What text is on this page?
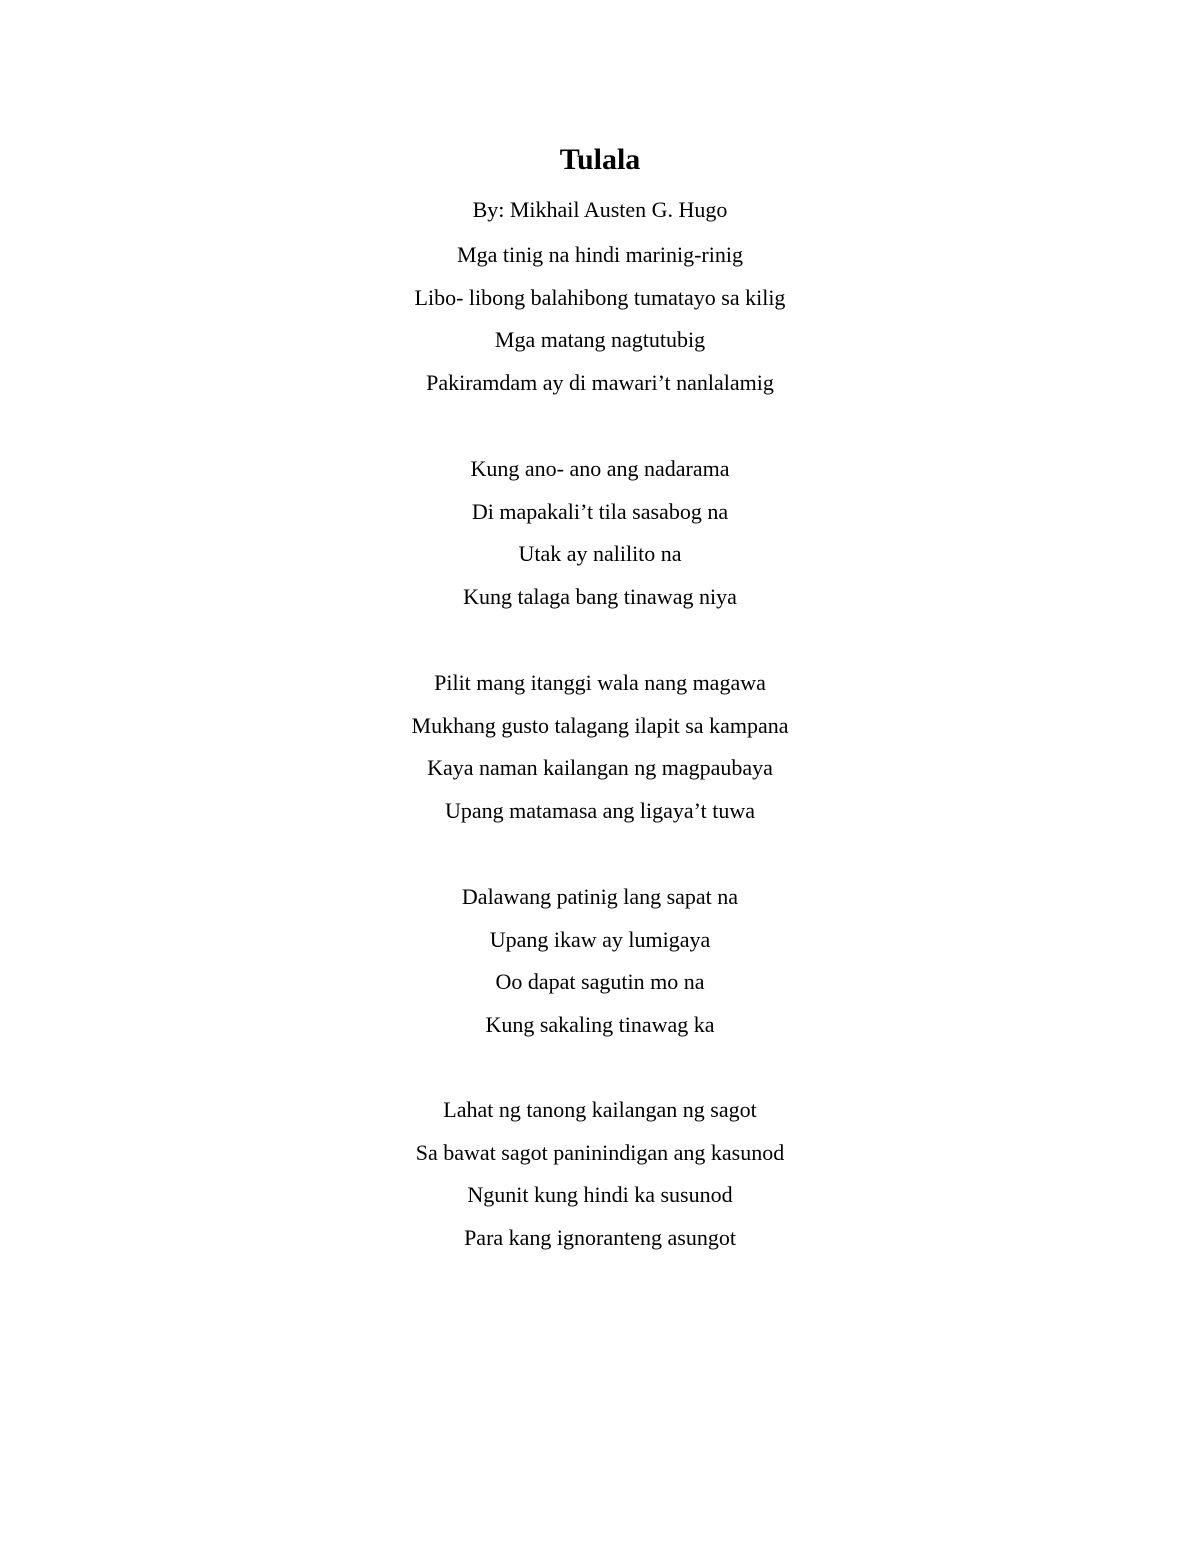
Tulala

By: Mikhail Austen G. Hugo

Mga tinig na hindi marinig-rinig
Libo- libong balahibong tumatayo sa kilig
Mga matang nagtutubig
Pakiramdam ay di mawari’t nanlalamig
Kung ano- ano ang nadarama
Di mapakali’t tila sasabog na
Utak ay nalilito na
Kung talaga bang tinawag niya
Pilit mang itanggi wala nang magawa
Mukhang gusto talagang ilapit sa kampana
Kaya naman kailangan ng magpaubaya
Upang matamasa ang ligaya’t tuwa
Dalawang patinig lang sapat na
Upang ikaw ay lumigaya
Oo dapat sagutin mo na
Kung sakaling tinawag ka
Lahat ng tanong kailangan ng sagot
Sa bawat sagot paninindigan ang kasunod
Ngunit kung hindi ka susunod
Para kang ignoranteng asungot
